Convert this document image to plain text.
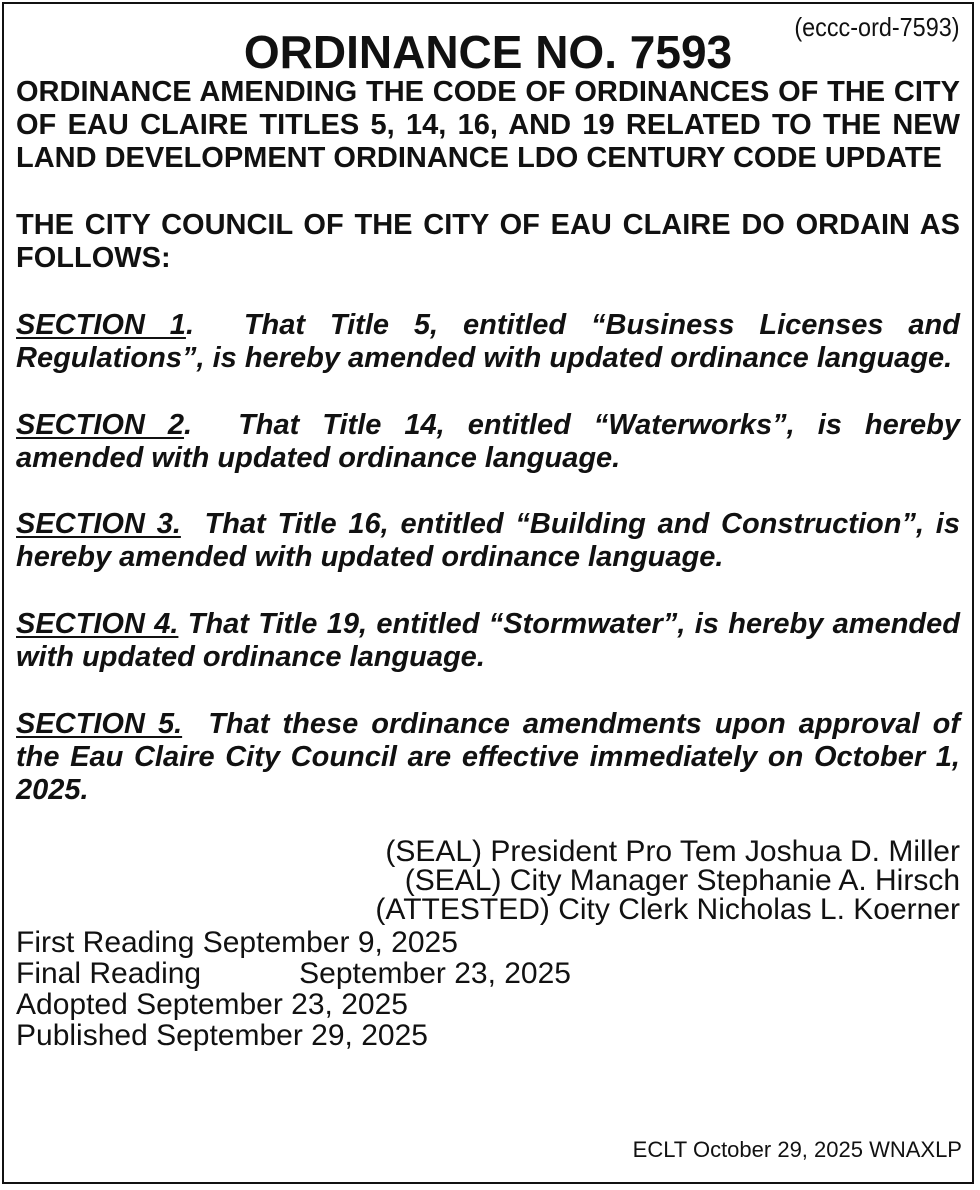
(eccc-ord-7593)
ORDINANCE NO. 7593

ORDINANCE AMENDING THE CODE OF ORDINANCES OF THE CITY OF EAU CLAIRE TITLES 5, 14, 16, AND 19 RELATED TO THE NEW LAND DEVELOPMENT ORDINANCE LDO CENTURY CODE UPDATE

THE CITY COUNCIL OF THE CITY OF EAU CLAIRE DO ORDAIN AS FOLLOWS:

SECTION 1. That Title 5, entitled “Business Licenses and Regulations”, is hereby amended with updated ordinance language.

SECTION 2. That Title 14, entitled “Waterworks”, is hereby amended with updated ordinance language.

SECTION 3. That Title 16, entitled “Building and Construction”, is hereby amended with updated ordinance language.

SECTION 4. That Title 19, entitled “Stormwater”, is hereby amended with updated ordinance language.

SECTION 5. That these ordinance amendments upon approval of the Eau Claire City Council are effective immediately on October 1, 2025.

(SEAL) President Pro Tem Joshua D. Miller
(SEAL) City Manager Stephanie A. Hirsch
(ATTESTED) City Clerk Nicholas L. Koerner
First Reading September 9, 2025
Final Reading	September 23, 2025
Adopted September 23, 2025
Published September 29, 2025
ECLT October 29, 2025 WNAXLP
